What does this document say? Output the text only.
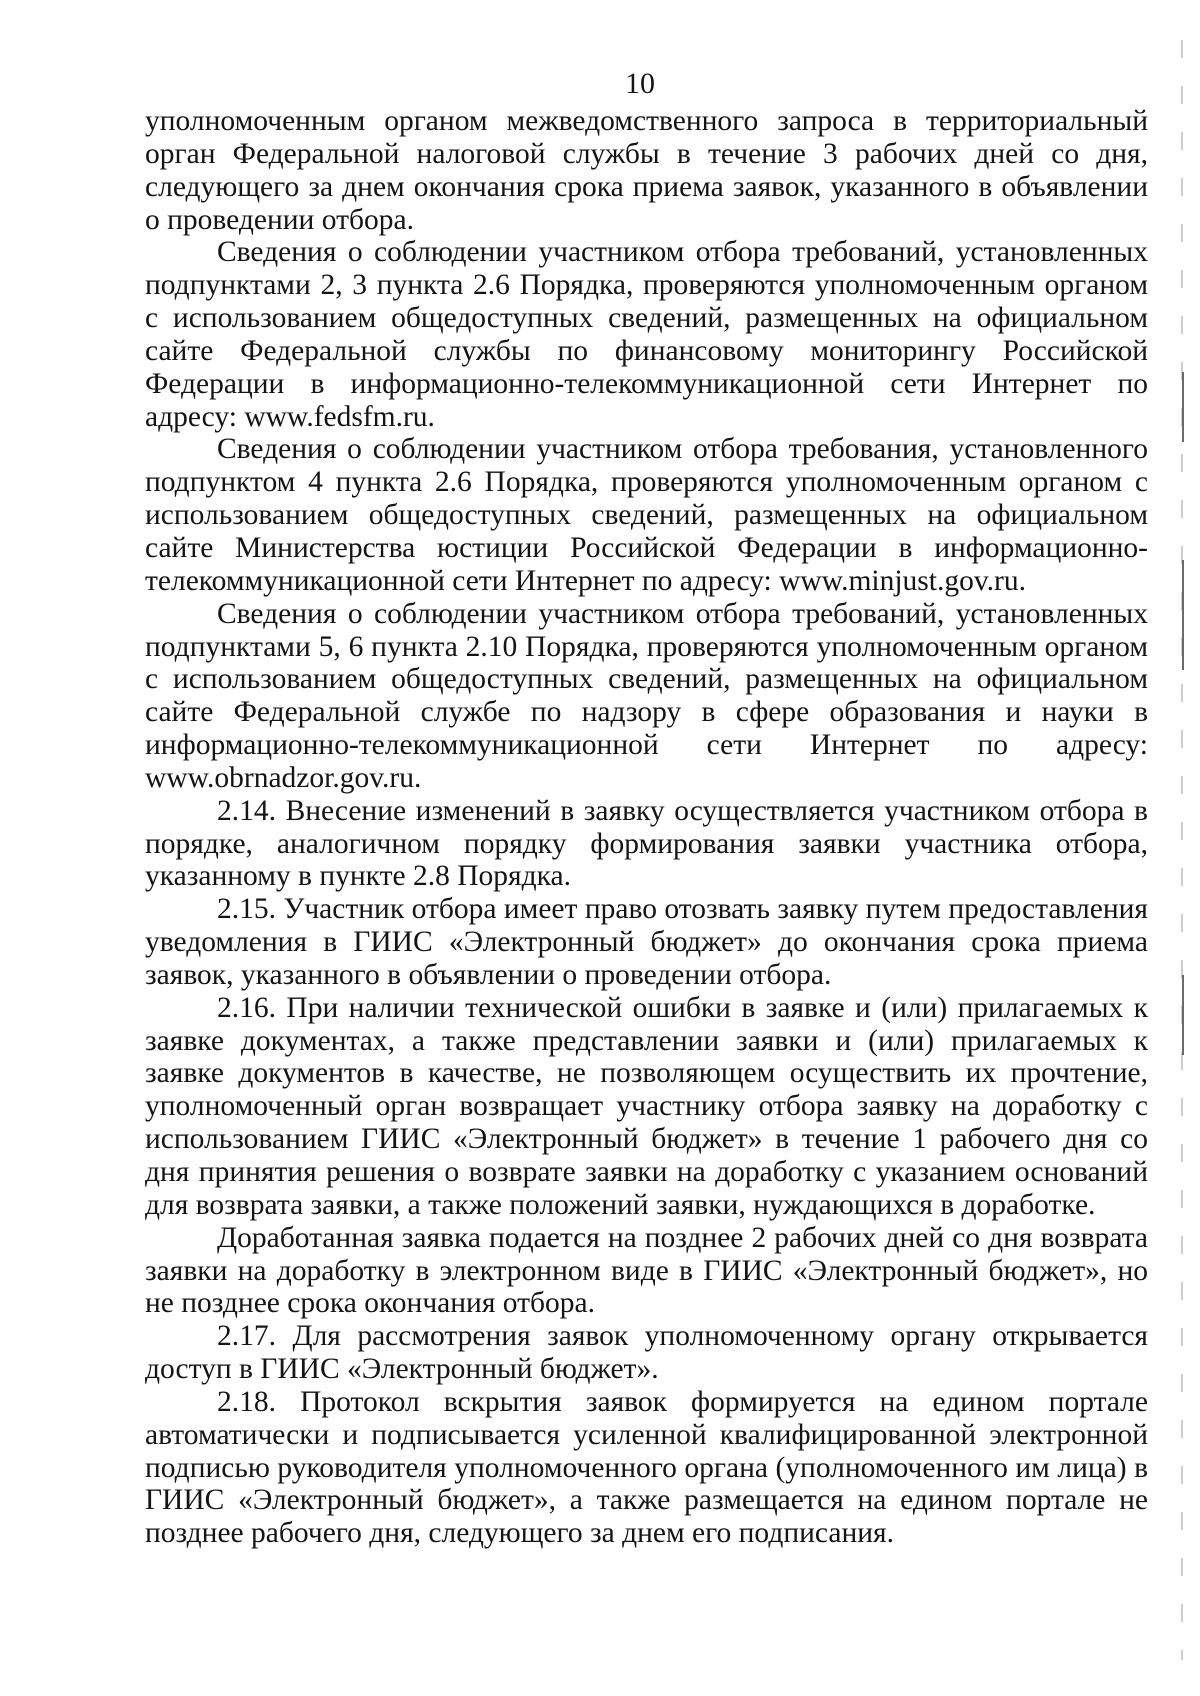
10

уполномоченным органом межведомственного запроса в территориальный орган Федеральной налоговой службы в течение 3 рабочих дней со дня, следующего за днем окончания срока приема заявок, указанного в объявлении о проведении отбора.

Сведения о соблюдении участником отбора требований, установленных подпунктами 2, 3 пункта 2.6 Порядка, проверяются уполномоченным органом с использованием общедоступных сведений, размещенных на официальном сайте Федеральной службы по финансовому мониторингу Российской Федерации в информационно-телекоммуникационной сети Интернет по адресу: www.fedsfm.ru.

Сведения о соблюдении участником отбора требования, установленного подпунктом 4 пункта 2.6 Порядка, проверяются уполномоченным органом с использованием общедоступных сведений, размещенных на официальном сайте Министерства юстиции Российской Федерации в информационно-телекоммуникационной сети Интернет по адресу: www.minjust.gov.ru.

Сведения о соблюдении участником отбора требований, установленных подпунктами 5, 6 пункта 2.10 Порядка, проверяются уполномоченным органом с использованием общедоступных сведений, размещенных на официальном сайте Федеральной службе по надзору в сфере образования и науки в информационно-телекоммуникационной сети Интернет по адресу: www.obrnadzor.gov.ru.

2.14. Внесение изменений в заявку осуществляется участником отбора в порядке, аналогичном порядку формирования заявки участника отбора, указанному в пункте 2.8 Порядка.

2.15. Участник отбора имеет право отозвать заявку путем предоставления уведомления в ГИИС «Электронный бюджет» до окончания срока приема заявок, указанного в объявлении о проведении отбора.

2.16. При наличии технической ошибки в заявке и (или) прилагаемых к заявке документах, а также представлении заявки и (или) прилагаемых к заявке документов в качестве, не позволяющем осуществить их прочтение, уполномоченный орган возвращает участнику отбора заявку на доработку с использованием ГИИС «Электронный бюджет» в течение 1 рабочего дня со дня принятия решения о возврате заявки на доработку с указанием оснований для возврата заявки, а также положений заявки, нуждающихся в доработке.

Доработанная заявка подается на позднее 2 рабочих дней со дня возврата заявки на доработку в электронном виде в ГИИС «Электронный бюджет», но не позднее срока окончания отбора.

2.17. Для рассмотрения заявок уполномоченному органу открывается доступ в ГИИС «Электронный бюджет».

2.18. Протокол вскрытия заявок формируется на едином портале автоматически и подписывается усиленной квалифицированной электронной подписью руководителя уполномоченного органа (уполномоченного им лица) в ГИИС «Электронный бюджет», а также размещается на едином портале не позднее рабочего дня, следующего за днем его подписания.
